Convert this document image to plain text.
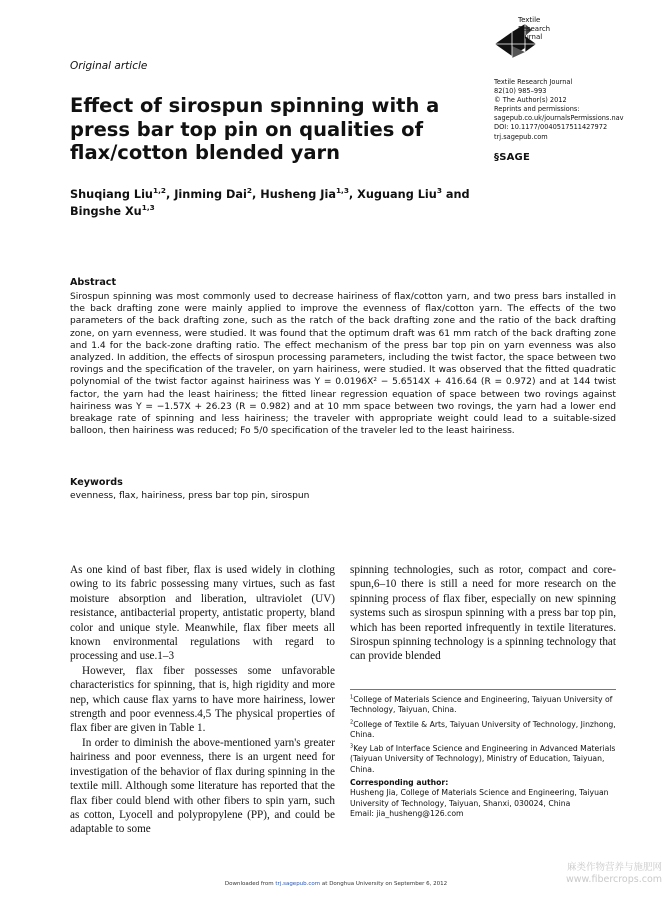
Original article
Textile
Research
Journal
Textile Research Journal
82(10) 985–993
© The Author(s) 2012
Reprints and permissions:
sagepub.co.uk/journalsPermissions.nav
DOI: 10.1177/0040517511427972
trj.sagepub.com
§SAGE
Effect of sirospun spinning with a press bar top pin on qualities of flax/cotton blended yarn
Shuqiang Liu$^{1,2}$, Jinming Dai$^2$, Husheng Jia$^{1,3}$, Xuguang Liu$^3$ and Bingshe Xu$^{1,3}$
Abstract
Sirospun spinning was most commonly used to decrease hairiness of flax/cotton yarn, and two press bars installed in the back drafting zone were mainly applied to improve the evenness of flax/cotton yarn. The effects of the two parameters of the back drafting zone, such as the ratch of the back drafting zone and the ratio of the back drafting zone, on yarn evenness, were studied. It was found that the optimum draft was 61 mm ratch of the back drafting zone and 1.4 for the back-zone drafting ratio. The effect mechanism of the press bar top pin on yarn evenness was also analyzed. In addition, the effects of sirospun processing parameters, including the twist factor, the space between two rovings and the specification of the traveler, on yarn hairiness, were studied. It was observed that the fitted quadratic polynomial of the twist factor against hairiness was Y = 0.0196X² − 5.6514X + 416.64 (R = 0.972) and at 144 twist factor, the yarn had the least hairiness; the fitted linear regression equation of space between two rovings against hairiness was Y = −1.57X + 26.23 (R = 0.982) and at 10 mm space between two rovings, the yarn had a lower end breakage rate of spinning and less hairiness; the traveler with appropriate weight could lead to a suitable-sized balloon, then hairiness was reduced; Fo 5/0 specification of the traveler led to the least hairiness.
Keywords
evenness, flax, hairiness, press bar top pin, sirospun

As one kind of bast fiber, flax is used widely in clothing owing to its fabric possessing many virtues, such as fast moisture absorption and liberation, ultraviolet (UV) resistance, antibacterial property, antistatic property, bland color and unique style. Meanwhile, flax fiber meets all known environmental regulations with regard to processing and use.1–3

However, flax fiber possesses some unfavorable characteristics for spinning, that is, high rigidity and more nep, which cause flax yarns to have more hairiness, lower strength and poor evenness.4,5 The physical properties of flax fiber are given in Table 1.

In order to diminish the above-mentioned yarn's greater hairiness and poor evenness, there is an urgent need for investigation of the behavior of flax during spinning in the textile mill. Although some literature has reported that the flax fiber could blend with other fibers to spin yarn, such as cotton, Lyocell and polypropylene (PP), and could be adaptable to some

spinning technologies, such as rotor, compact and core-spun,6–10 there is still a need for more research on the spinning process of flax fiber, especially on new spinning systems such as sirospun spinning with a press bar top pin, which has been reported infrequently in textile literatures. Sirospun spinning technology is a spinning technology that can provide blended

$^1$College of Materials Science and Engineering, Taiyuan University of Technology, Taiyuan, China.
$^2$College of Textile & Arts, Taiyuan University of Technology, Jinzhong, China.
$^3$Key Lab of Interface Science and Engineering in Advanced Materials (Taiyuan University of Technology), Ministry of Education, Taiyuan, China.
Corresponding author:
Husheng Jia, College of Materials Science and Engineering, Taiyuan University of Technology, Taiyuan, Shanxi, 030024, China
Email: jia_husheng@126.com
Downloaded from trj.sagepub.com at Donghua University on September 6, 2012
麻类作物营养与施肥网
www.fibercrops.com
